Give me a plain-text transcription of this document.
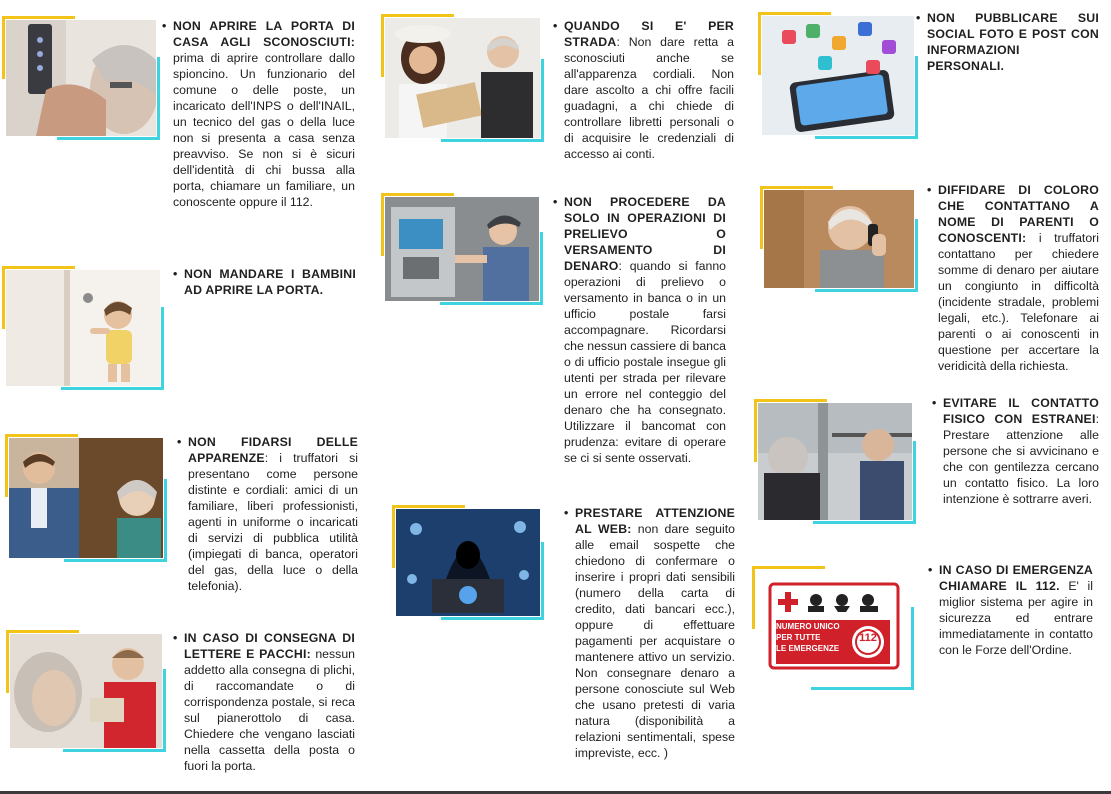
• NON APRIRE LA PORTA DI CASA AGLI SCONOSCIUTI: prima di aprire controllare dallo spioncino. Un funzionario del comune o delle poste, un incaricato dell'INPS o dell'INAIL, un tecnico del gas o della luce non si presenta a casa senza preavviso. Se non si è sicuri dell'identità di chi bussa alla porta, chiamare un familiare, un conoscente oppure il 112.
• NON MANDARE I BAMBINI AD APRIRE LA PORTA.
• NON FIDARSI DELLE APPARENZE: i truffatori si presentano come persone distinte e cordiali: amici di un familiare, liberi professionisti, agenti in uniforme o incaricati di servizi di pubblica utilità (impiegati di banca, operatori del gas, della luce o della telefonia).
• IN CASO DI CONSEGNA DI LETTERE E PACCHI: nessun addetto alla consegna di plichi, di raccomandate o di corrispondenza postale, si reca sul pianerottolo di casa. Chiedere che vengano lasciati nella cassetta della posta o fuori la porta.
• QUANDO SI E' PER STRADA: Non dare retta a sconosciuti anche se all'apparenza cordiali. Non dare ascolto a chi offre facili guadagni, a chi chiede di controllare libretti personali o di acquisire le credenziali di accesso ai conti.
• NON PROCEDERE DA SOLO IN OPERAZIONI DI PRELIEVO O VERSAMENTO DI DENARO: quando si fanno operazioni di prelievo o versamento in banca o in un ufficio postale farsi accompagnare. Ricordarsi che nessun cassiere di banca o di ufficio postale insegue gli utenti per strada per rilevare un errore nel conteggio del denaro che ha consegnato. Utilizzare il bancomat con prudenza: evitare di operare se ci si sente osservati.
• PRESTARE ATTENZIONE AL WEB: non dare seguito alle email sospette che chiedono di confermare o inserire i propri dati sensibili (numero della carta di credito, dati bancari ecc.), oppure di effettuare pagamenti per acquistare o mantenere attivo un servizio. Non consegnare denaro a persone conosciute sul Web che usano pretesti di varia natura (disponibilità a relazioni sentimentali, spese impreviste, ecc. )
• NON PUBBLICARE SUI SOCIAL FOTO E POST CON INFORMAZIONI PERSONALI.
• DIFFIDARE DI COLORO CHE CONTATTANO A NOME DI PARENTI O CONOSCENTI: i truffatori contattano per chiedere somme di denaro per aiutare un congiunto in difficoltà (incidente stradale, problemi legali, etc.). Telefonare ai parenti o ai conoscenti in questione per accertare la veridicità della richiesta.
• EVITARE IL CONTATTO FISICO CON ESTRANEI: Prestare attenzione alle persone che si avvicinano e che con gentilezza cercano un contatto fisico. La loro intenzione è sottrarre averi.
NUMERO UNICO
PER TUTTE
LE EMERGENZE
112
• IN CASO DI EMERGENZA CHIAMARE IL 112. E' il miglior sistema per agire in sicurezza ed entrare immediatamente in contatto con le Forze dell'Ordine.
